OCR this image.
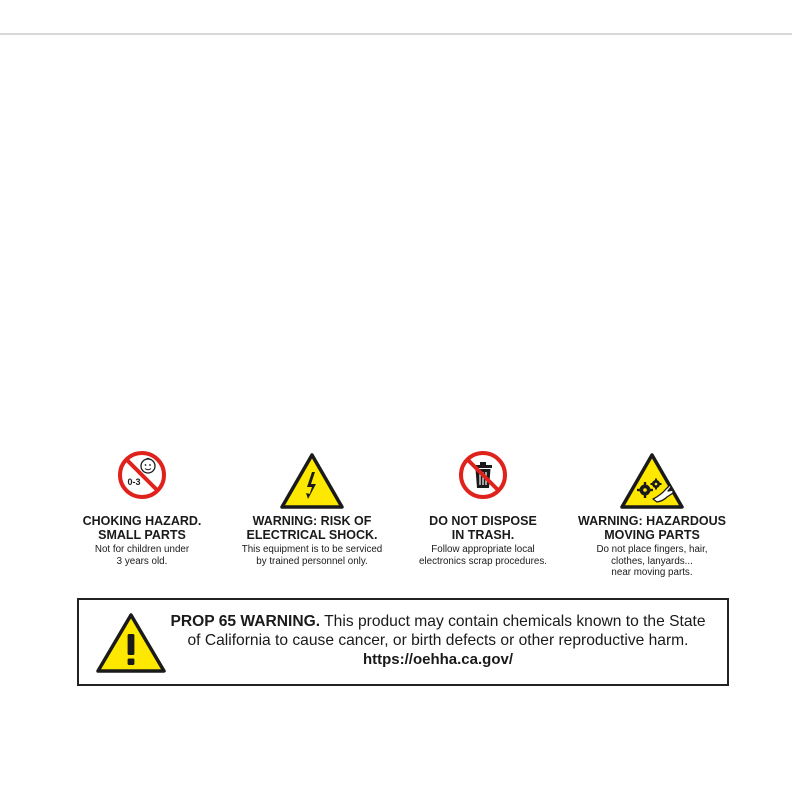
0-3
CHOKING HAZARD.
SMALL PARTS
Not for children under
3 years old.
WARNING: RISK OF
ELECTRICAL SHOCK.
This equipment is to be serviced
by trained personnel only.
DO NOT DISPOSE
IN TRASH.
Follow appropriate local
electronics scrap procedures.
WARNING: HAZARDOUS
MOVING PARTS
Do not place fingers, hair,
clothes, lanyards...
near moving parts.
PROP 65 WARNING. This product may contain chemicals known to the State
of California to cause cancer, or birth defects or other reproductive harm.
https://oehha.ca.gov/
